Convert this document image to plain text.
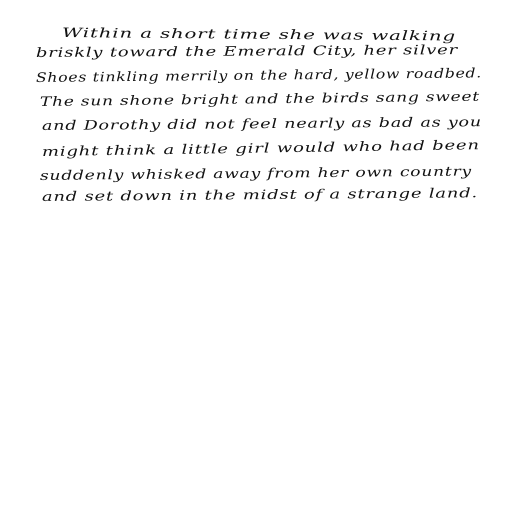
Within a short time she was walking
briskly toward the Emerald City, her silver
Shoes tinkling merrily on the hard, yellow roadbed.
The sun shone bright and the birds sang sweet
and Dorothy did not feel nearly as bad as you
might think a little girl would who had been
suddenly whisked away from her own country
and set down in the midst of a strange land.
